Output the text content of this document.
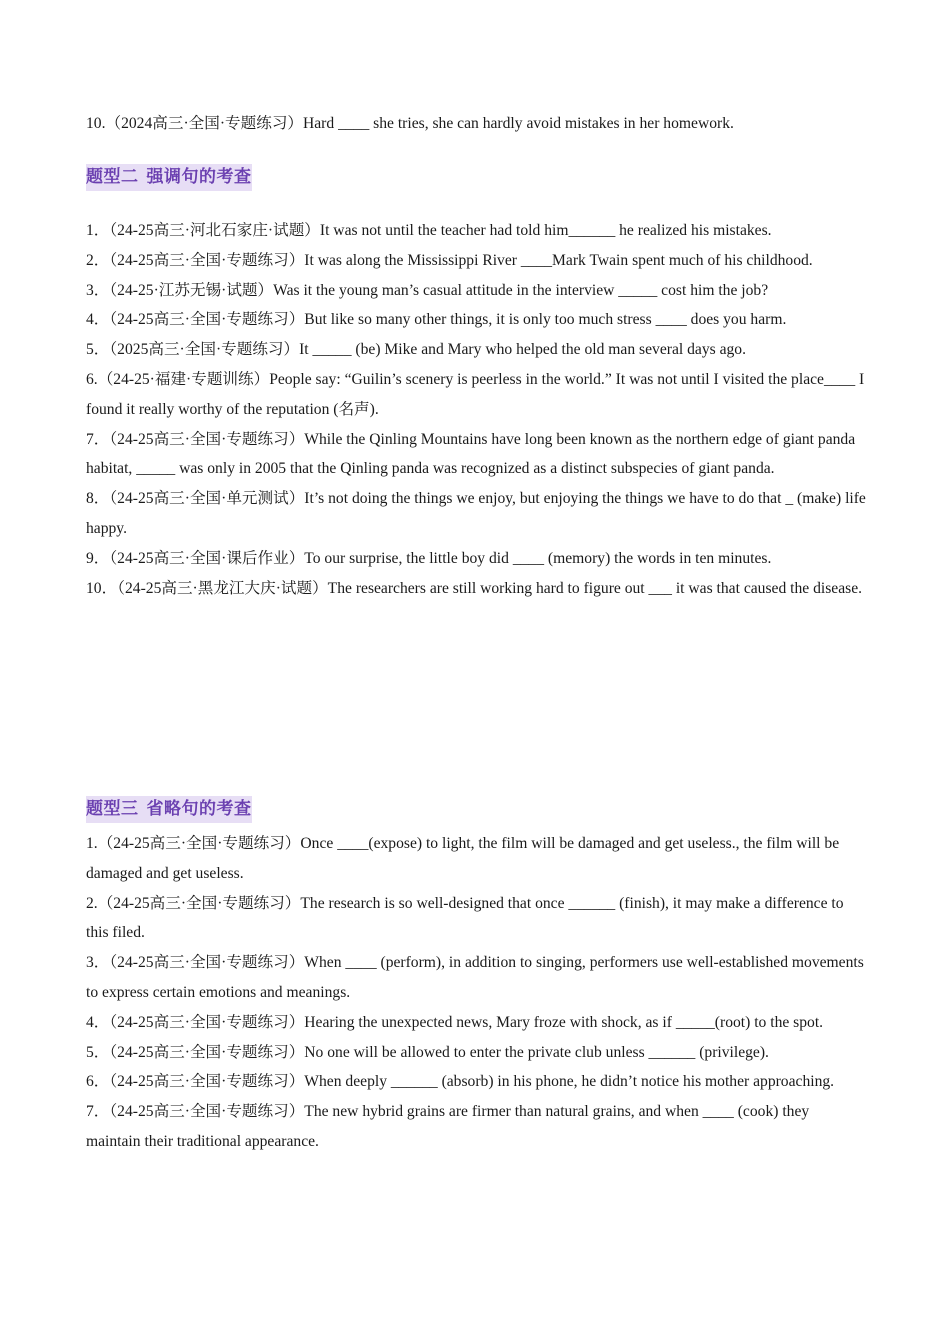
10.（2024高三·全国·专题练习）Hard ____ she tries, she can hardly avoid mistakes in her homework.

题型二 强调句的考查

1．（24-25高三·河北石家庄·试题）It was not until the teacher had told him______ he realized his mistakes.

2．（24-25高三·全国·专题练习）It was along the Mississippi River ____Mark Twain spent much of his childhood.

3．（24-25·江苏无锡·试题）Was it the young man’s casual attitude in the interview _____ cost him the job?

4．（24-25高三·全国·专题练习）But like so many other things, it is only too much stress ____ does you harm.

5．（2025高三·全国·专题练习）It _____ (be) Mike and Mary who helped the old man several days ago.

6.（24-25·福建·专题训练）People say: “Guilin’s scenery is peerless in the world.” It was not until I visited the place____ I found it really worthy of the reputation (名声).

7．（24-25高三·全国·专题练习）While the Qinling Mountains have long been known as the northern edge of giant panda habitat, _____ was only in 2005 that the Qinling panda was recognized as a distinct subspecies of giant panda.

8．（24-25高三·全国·单元测试）It’s not doing the things we enjoy, but enjoying the things we have to do that _ (make) life happy.

9．（24-25高三·全国·课后作业）To our surprise, the little boy did ____ (memory) the words in ten minutes.

10．（24-25高三·黑龙江大庆·试题）The researchers are still working hard to figure out ___ it was that caused the disease.

题型三 省略句的考查

1.（24-25高三·全国·专题练习）Once ____(expose) to light, the film will be damaged and get useless., the film will be damaged and get useless.

2.（24-25高三·全国·专题练习）The research is so well-designed that once ______ (finish), it may make a difference to this filed.

3．（24-25高三·全国·专题练习）When ____ (perform), in addition to singing, performers use well-established movements to express certain emotions and meanings.

4．（24-25高三·全国·专题练习）Hearing the unexpected news, Mary froze with shock, as if _____(root) to the spot.

5．（24-25高三·全国·专题练习）No one will be allowed to enter the private club unless ______ (privilege).

6．（24-25高三·全国·专题练习）When deeply ______ (absorb) in his phone, he didn’t notice his mother approaching.

7．（24-25高三·全国·专题练习）The new hybrid grains are firmer than natural grains, and when ____ (cook) they maintain their traditional appearance.
